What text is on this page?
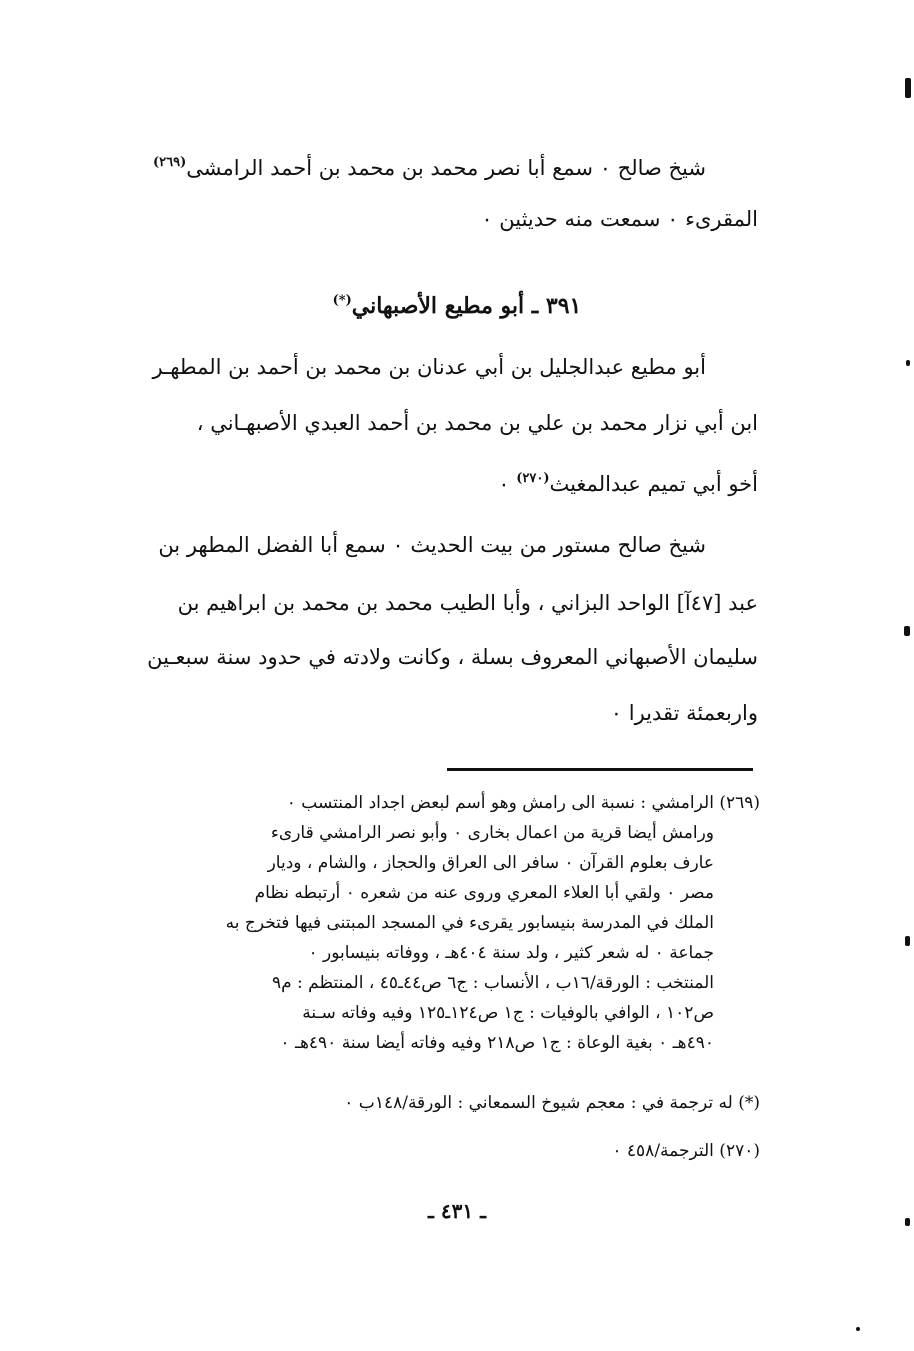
شيخ صالح ۰ سمع أبا نصر محمد بن محمد بن أحمد الرامشی$^{(٢٦٩)}$
المقریء ۰ سمعت منه حديثين ۰
٣٩١ ـ أبو مطيع الأصبهاني(*)
أبو مطيع عبدالجليل بن أبي عدنان بن محمد بن أحمد بن المطهـر
ابن أبي نزار محمد بن علي بن محمد بن أحمد العبدي الأصبهـاني ،
أخو أبي تميم عبدالمغيث$^{(٢٧٠)}$ ۰
شيخ صالح مستور من بيت الحديث ۰ سمع أبا الفضل المطهر بن
عبد [٤٧آ] الواحد البزاني ، وأبا الطيب محمد بن محمد بن ابراهيم بن
سليمان الأصبهاني المعروف بسلة ، وكانت ولادته في حدود سنة سبعـين
واربعمئة تقديرا ۰
(٢٦٩) الرامشي : نسبة الى رامش وهو أسم لبعض اجداد المنتسب ۰
ورامش أيضا قرية من اعمال بخارى ۰ وأبو نصر الرامشي قارىء
عارف بعلوم القرآن ۰ سافر الى العراق والحجاز ، والشام ، وديار
مصر ۰ ولقي أبا العلاء المعري وروى عنه من شعره ۰ أرتبطه نظام
الملك في المدرسة بنيسابور يقرىء في المسجد المبتنى فيها فتخرج به
جماعة ۰ له شعر كثير ، ولد سنة ٤٠٤هـ ، ووفاته بنيسابور ۰
المنتخب : الورقة/١٦ب ، الأنساب : ج٦ ص٤٤ـ٤٥ ، المنتظم : م٩
ص١٠٢ ، الوافي بالوفيات : ج١ ص١٢٤ـ١٢٥ وفيه وفاته سـنة
٤٩٠هـ ۰ بغية الوعاة : ج١ ص٢١٨ وفيه وفاته أيضا سنة ٤٩٠هـ ۰
(*) له ترجمة في : معجم شيوخ السمعاني : الورقة/١٤٨ب ۰
(٢٧٠) الترجمة/٤٥٨ ۰
ـ ٤٣١ ـ
